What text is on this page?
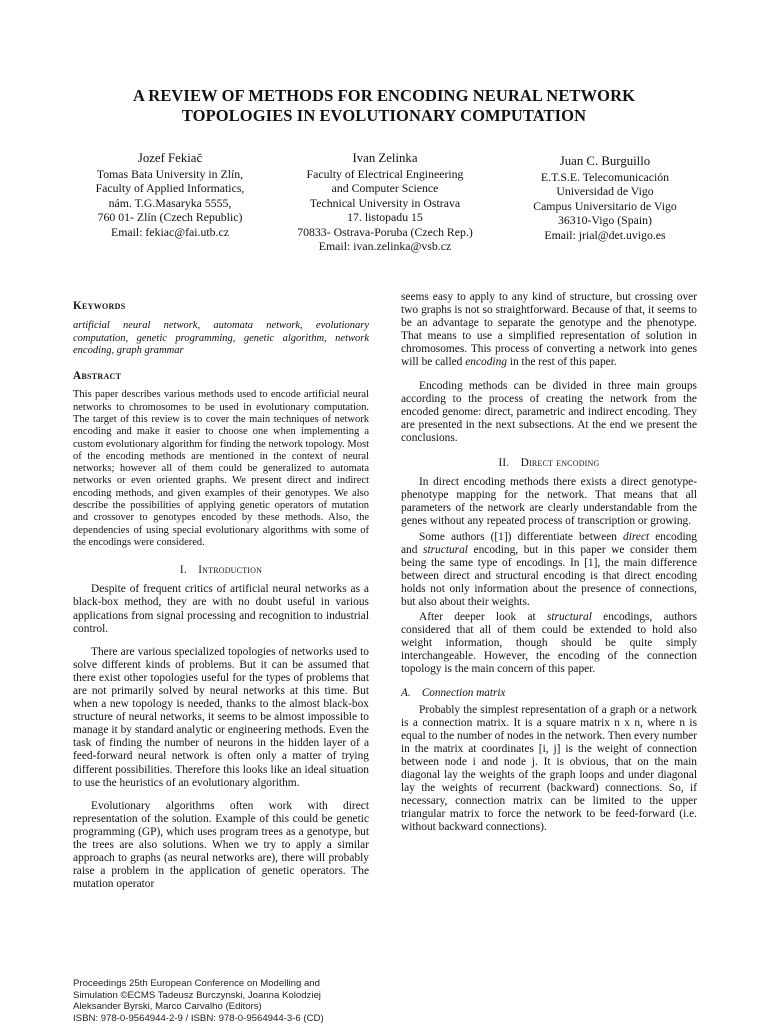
A REVIEW OF METHODS FOR ENCODING NEURAL NETWORK
TOPOLOGIES IN EVOLUTIONARY COMPUTATION
Jozef Fekiač
Tomas Bata University in Zlín,
Faculty of Applied Informatics,
nám. T.G.Masaryka 5555,
760 01- Zlín (Czech Republic)
Email: fekiac@fai.utb.cz
Ivan Zelinka
Faculty of Electrical Engineering
and Computer Science
Technical University in Ostrava
17. listopadu 15
70833- Ostrava-Poruba (Czech Rep.)
Email: ivan.zelinka@vsb.cz
Juan C. Burguillo
E.T.S.E. Telecomunicación
Universidad de Vigo
Campus Universitario de Vigo
36310-Vigo (Spain)
Email: jrial@det.uvigo.es

Keywords

artificial neural network, automata network, evolutionary computation, genetic programming, genetic algorithm, network encoding, graph grammar

Abstract

This paper describes various methods used to encode artificial neural networks to chromosomes to be used in evolutionary computation. The target of this review is to cover the main techniques of network encoding and make it easier to choose one when implementing a custom evolutionary algorithm for finding the network topology. Most of the encoding methods are mentioned in the context of neural networks; however all of them could be generalized to automata networks or even oriented graphs. We present direct and indirect encoding methods, and given examples of their genotypes. We also describe the possibilities of applying genetic operators of mutation and crossover to genotypes encoded by these methods. Also, the dependencies of using special evolutionary algorithms with some of the encodings were considered.

I. Introduction

Despite of frequent critics of artificial neural networks as a black-box method, they are with no doubt useful in various applications from signal processing and recognition to industrial control.

There are various specialized topologies of networks used to solve different kinds of problems. But it can be assumed that there exist other topologies useful for the types of problems that are not primarily solved by neural networks at this time. But when a new topology is needed, thanks to the almost black-box structure of neural networks, it seems to be almost impossible to manage it by standard analytic or engineering methods. Even the task of finding the number of neurons in the hidden layer of a feed-forward neural network is often only a matter of trying different possibilities. Therefore this looks like an ideal situation to use the heuristics of an evolutionary algorithm.

Evolutionary algorithms often work with direct representation of the solution. Example of this could be genetic programming (GP), which uses program trees as a genotype, but the trees are also solutions. When we try to apply a similar approach to graphs (as neural networks are), there will probably raise a problem in the application of genetic operators. The mutation operator

seems easy to apply to any kind of structure, but crossing over two graphs is not so straightforward. Because of that, it seems to be an advantage to separate the genotype and the phenotype. That means to use a simplified representation of solution in chromosomes. This process of converting a network into genes will be called encoding in the rest of this paper.

Encoding methods can be divided in three main groups according to the process of creating the network from the encoded genome: direct, parametric and indirect encoding. They are presented in the next subsections. At the end we present the conclusions.

II. Direct encoding

In direct encoding methods there exists a direct genotype-phenotype mapping for the network. That means that all parameters of the network are clearly understandable from the genes without any repeated process of transcription or growing.

Some authors ([1]) differentiate between direct encoding and structural encoding, but in this paper we consider them being the same type of encodings. In [1], the main difference between direct and structural encoding is that direct encoding holds not only information about the presence of connections, but also about their weights.

After deeper look at structural encodings, authors considered that all of them could be extended to hold also weight information, though should be quite simply interchangeable. However, the encoding of the connection topology is the main concern of this paper.

A. Connection matrix

Probably the simplest representation of a graph or a network is a connection matrix. It is a square matrix n x n, where n is equal to the number of nodes in the network. Then every number in the matrix at coordinates [i, j] is the weight of connection between node i and node j. It is obvious, that on the main diagonal lay the weights of the graph loops and under diagonal lay the weights of recurrent (backward) connections. So, if necessary, connection matrix can be limited to the upper triangular matrix to force the network to be feed-forward (i.e. without backward connections).

Proceedings 25th European Conference on Modelling and
Simulation ©ECMS Tadeusz Burczynski, Joanna Kolodziej
Aleksander Byrski, Marco Carvalho (Editors)
ISBN: 978-0-9564944-2-9 / ISBN: 978-0-9564944-3-6 (CD)
